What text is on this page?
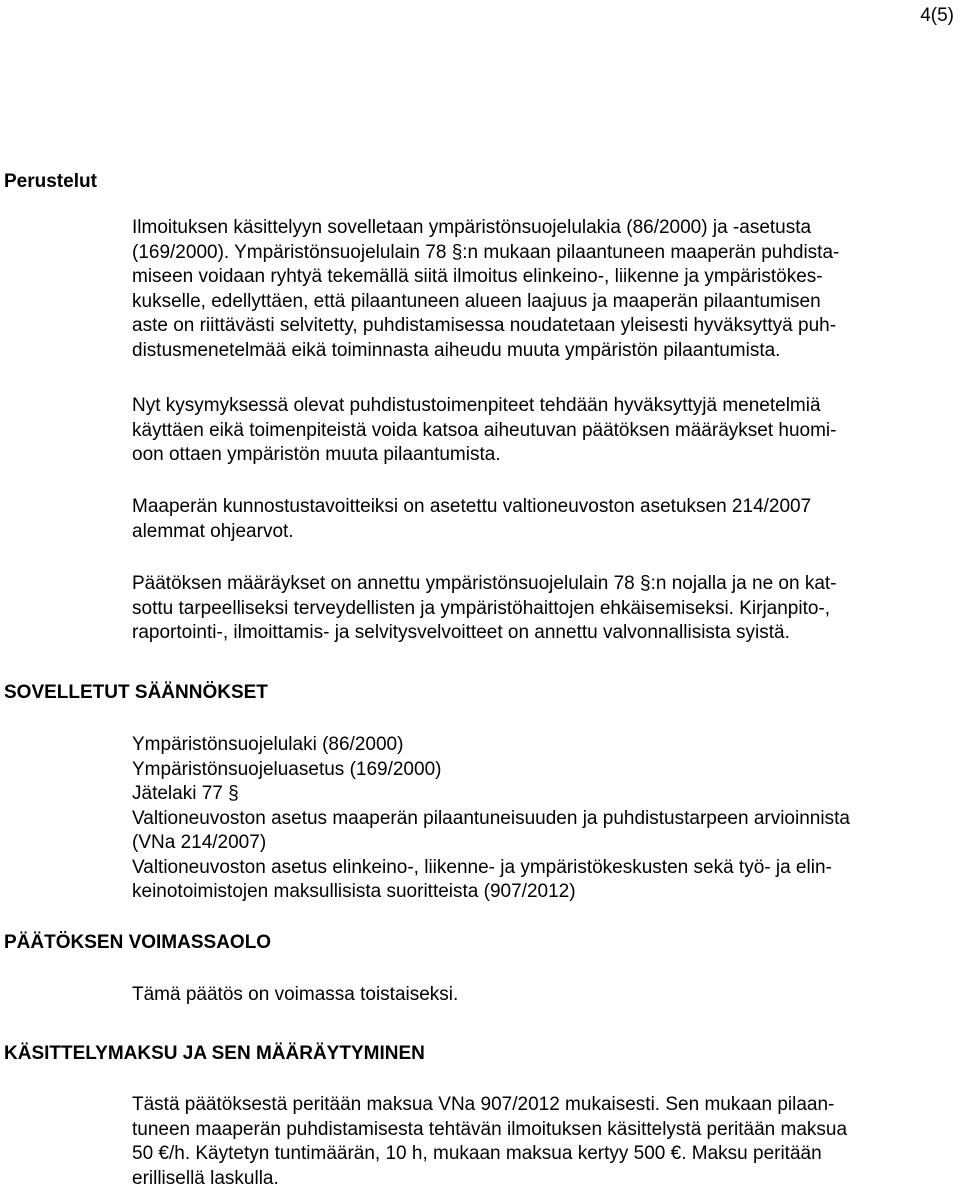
4(5)
Perustelut

Ilmoituksen käsittelyyn sovelletaan ympäristönsuojelulakia (86/2000) ja -asetusta
(169/2000). Ympäristönsuojelulain 78 §:n mukaan pilaantuneen maaperän puhdista-
miseen voidaan ryhtyä tekemällä siitä ilmoitus elinkeino-, liikenne ja ympäristökes-
kukselle, edellyttäen, että pilaantuneen alueen laajuus ja maaperän pilaantumisen
aste on riittävästi selvitetty, puhdistamisessa noudatetaan yleisesti hyväksyttyä puh-
distusmenetelmää eikä toiminnasta aiheudu muuta ympäristön pilaantumista.

Nyt kysymyksessä olevat puhdistustoimenpiteet tehdään hyväksyttyjä menetelmiä
käyttäen eikä toimenpiteistä voida katsoa aiheutuvan päätöksen määräykset huomi-
oon ottaen ympäristön muuta pilaantumista.

Maaperän kunnostustavoitteiksi on asetettu valtioneuvoston asetuksen 214/2007
alemmat ohjearvot.

Päätöksen määräykset on annettu ympäristönsuojelulain 78 §:n nojalla ja ne on kat-
sottu tarpeelliseksi terveydellisten ja ympäristöhaittojen ehkäisemiseksi. Kirjanpito-,
raportointi-, ilmoittamis- ja selvitysvelvoitteet on annettu valvonnallisista syistä.

SOVELLETUT SÄÄNNÖKSET
Ympäristönsuojelulaki (86/2000)
Ympäristönsuojeluasetus (169/2000)
Jätelaki 77 §
Valtioneuvoston asetus maaperän pilaantuneisuuden ja puhdistustarpeen arvioinnista
(VNa 214/2007)
Valtioneuvoston asetus elinkeino-, liikenne- ja ympäristökeskusten sekä työ- ja elin-
keinotoimistojen maksullisista suoritteista (907/2012)
PÄÄTÖKSEN VOIMASSAOLO

Tämä päätös on voimassa toistaiseksi.

KÄSITTELYMAKSU JA SEN MÄÄRÄYTYMINEN

Tästä päätöksestä peritään maksua VNa 907/2012 mukaisesti. Sen mukaan pilaan-
tuneen maaperän puhdistamisesta tehtävän ilmoituksen käsittelystä peritään maksua
50 €/h. Käytetyn tuntimäärän, 10 h, mukaan maksua kertyy 500 €. Maksu peritään
erillisellä laskulla.
